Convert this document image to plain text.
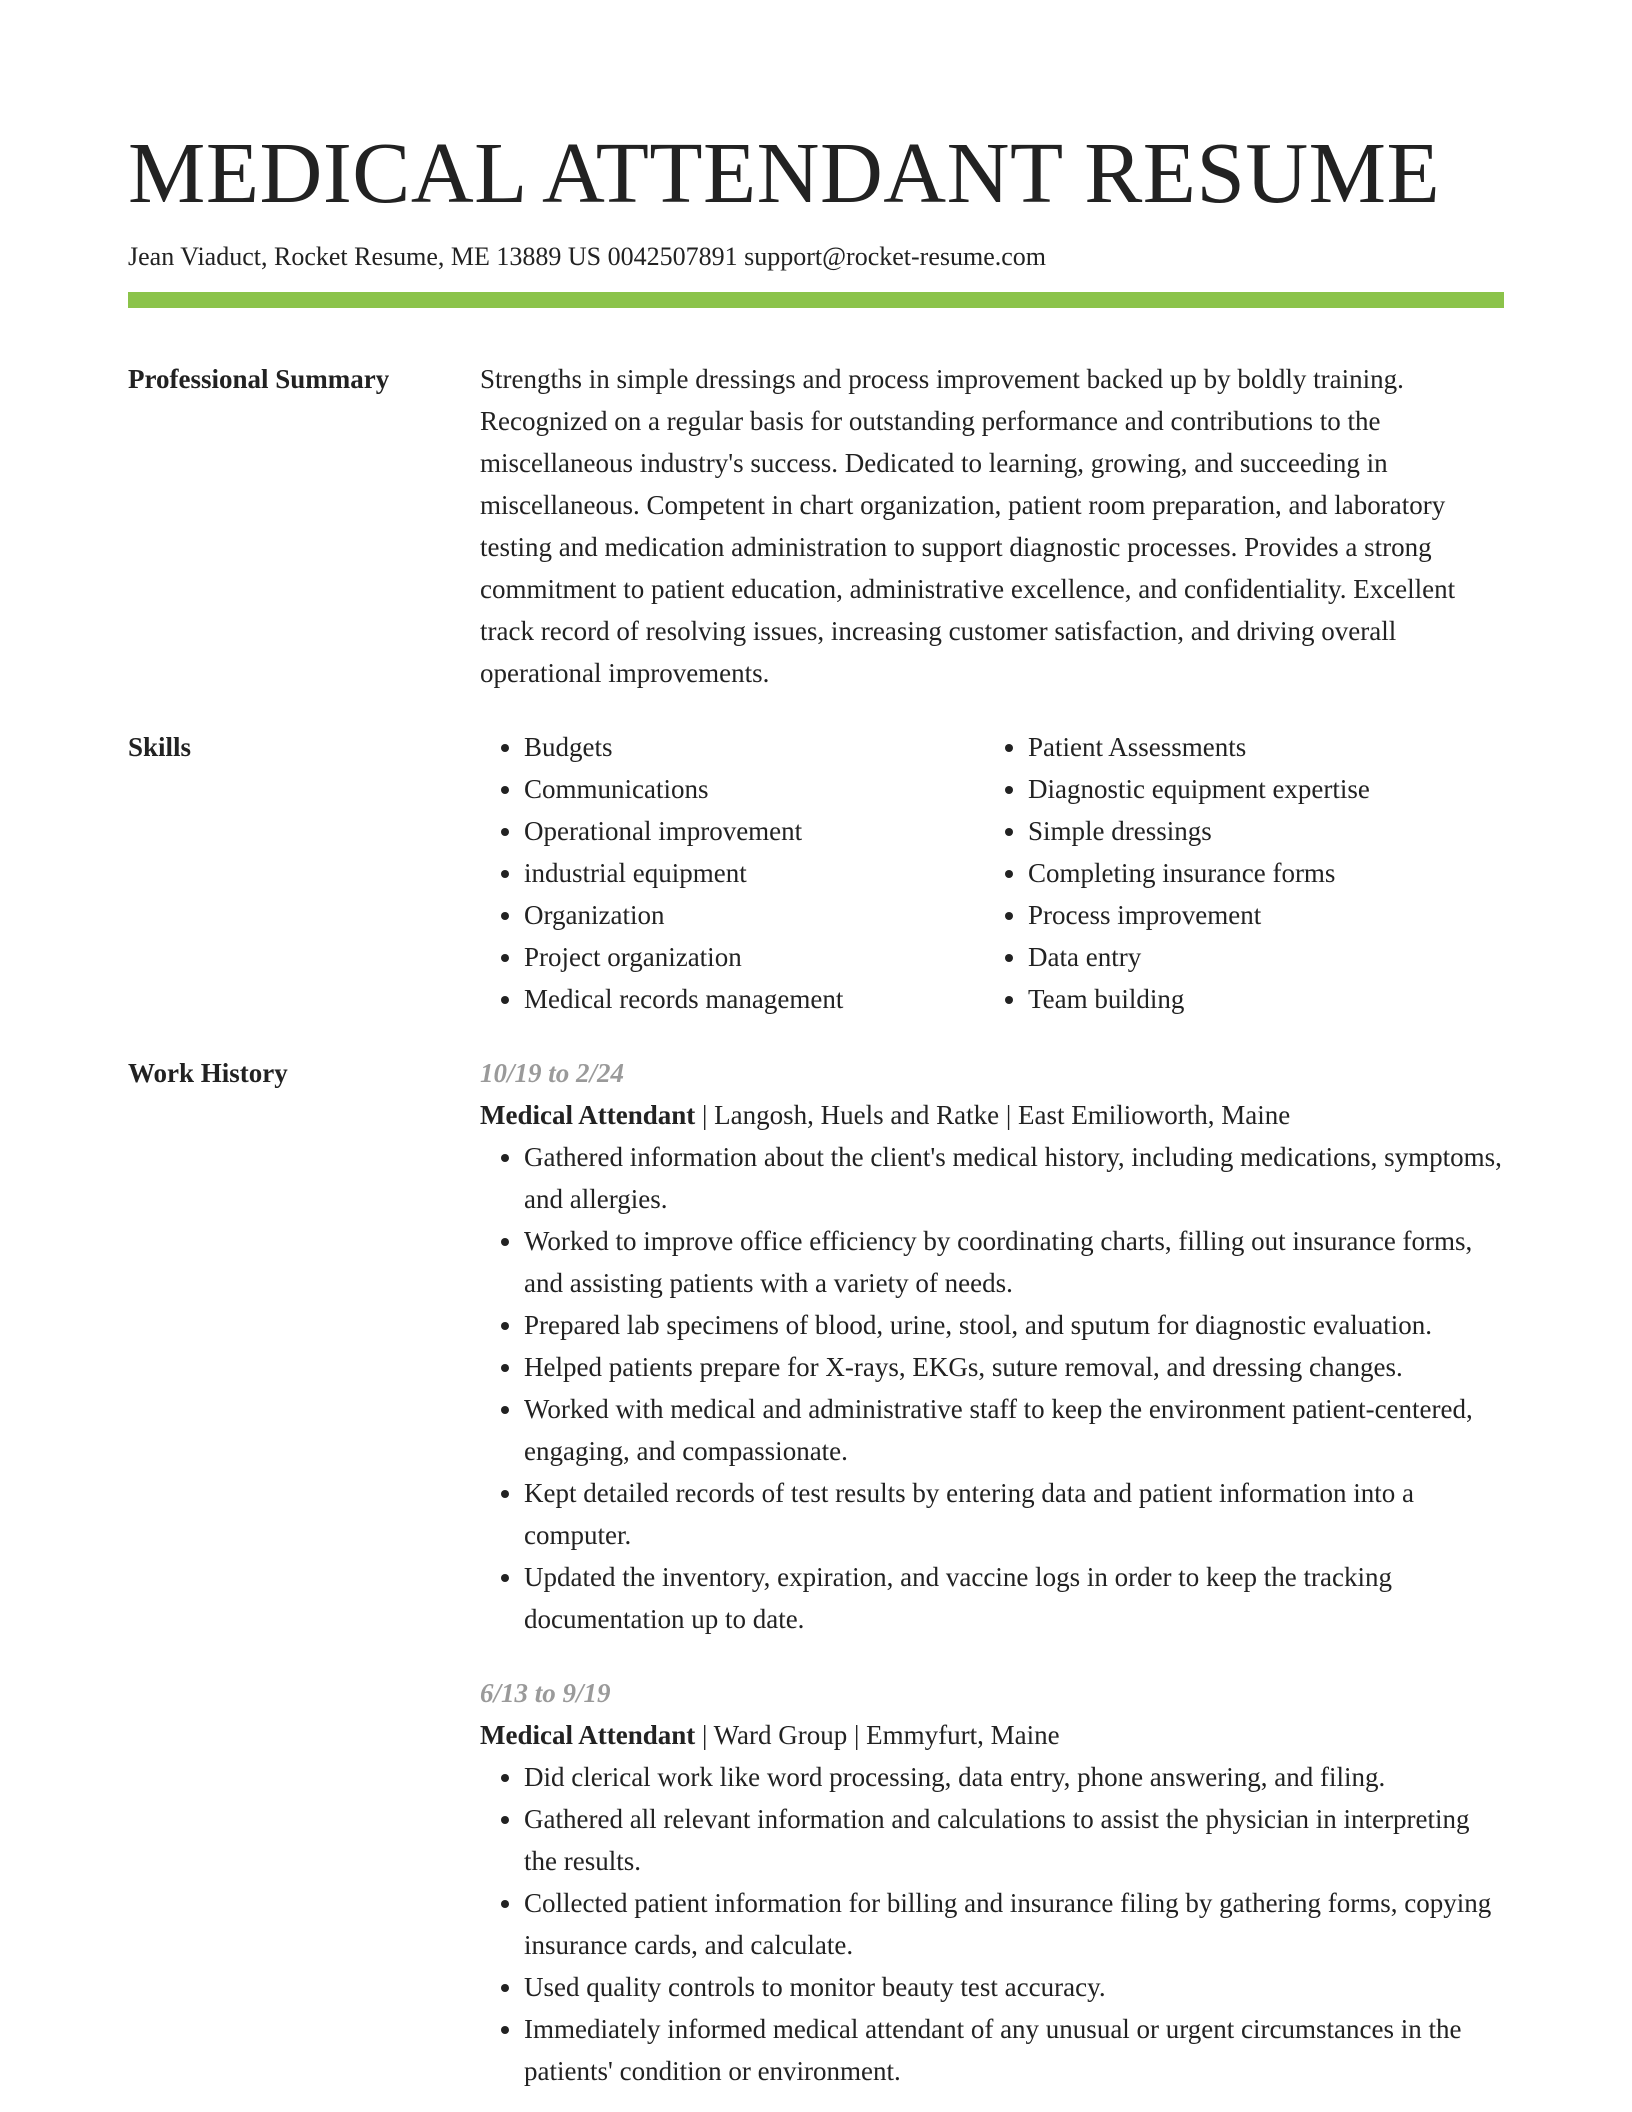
MEDICAL ATTENDANT RESUME
Jean Viaduct, Rocket Resume, ME 13889 US 0042507891 support@rocket-resume.com
Professional Summary	Strengths in simple dressings and process improvement backed up by boldly training. Recognized on a regular basis for outstanding performance and contributions to the miscellaneous industry's success. Dedicated to learning, growing, and succeeding in miscellaneous. Competent in chart organization, patient room preparation, and laboratory testing and medication administration to support diagnostic processes. Provides a strong commitment to patient education, administrative excellence, and confidentiality. Excellent track record of resolving issues, increasing customer satisfaction, and driving overall operational improvements.
Skills
•	Budgets
• Communications
• Operational improvement
• industrial equipment
• Organization
• Project organization
• Medical records management
• Patient Assessments
• Diagnostic equipment expertise
• Simple dressings
• Completing insurance forms
• Process improvement
• Data entry
• Team building
Work History	10/19 to 2/24
Medical Attendant | Langosh, Huels and Ratke | East Emilioworth, Maine
• Gathered information about the client's medical history, including medications, symptoms, and allergies.
• Worked to improve office efficiency by coordinating charts, filling out insurance forms, and assisting patients with a variety of needs.
• Prepared lab specimens of blood, urine, stool, and sputum for diagnostic evaluation.
• Helped patients prepare for X-rays, EKGs, suture removal, and dressing changes.
• Worked with medical and administrative staff to keep the environment patient-centered, engaging, and compassionate.
• Kept detailed records of test results by entering data and patient information into a computer.
• Updated the inventory, expiration, and vaccine logs in order to keep the tracking documentation up to date.
6/13 to 9/19
Medical Attendant | Ward Group | Emmyfurt, Maine
• Did clerical work like word processing, data entry, phone answering, and filing.
• Gathered all relevant information and calculations to assist the physician in interpreting the results.
• Collected patient information for billing and insurance filing by gathering forms, copying insurance cards, and calculate.
• Used quality controls to monitor beauty test accuracy.
• Immediately informed medical attendant of any unusual or urgent circumstances in the patients' condition or environment.
